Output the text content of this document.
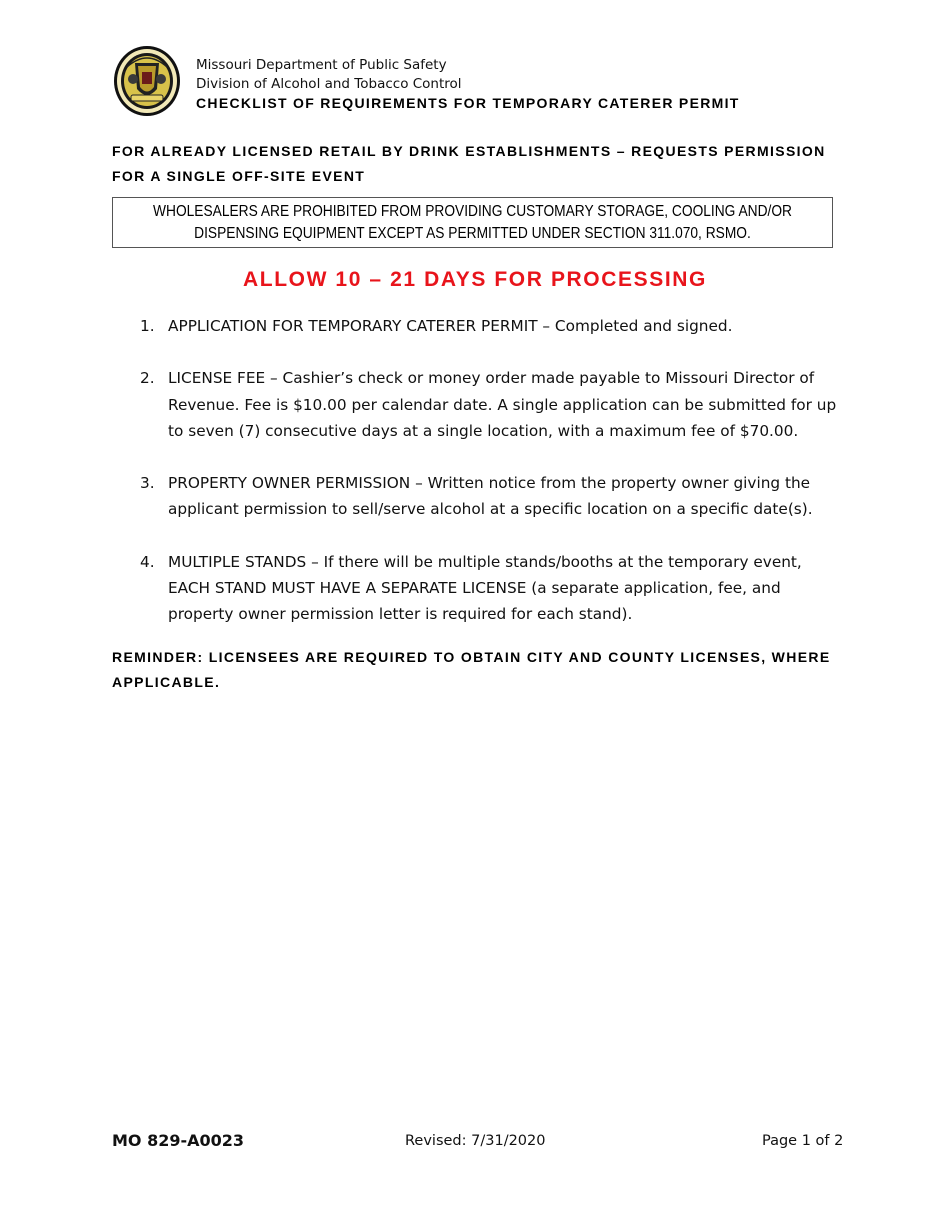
Missouri Department of Public Safety
Division of Alcohol and Tobacco Control
CHECKLIST OF REQUIREMENTS FOR TEMPORARY CATERER PERMIT
FOR ALREADY LICENSED RETAIL BY DRINK ESTABLISHMENTS – REQUESTS PERMISSION FOR A SINGLE OFF-SITE EVENT
WHOLESALERS ARE PROHIBITED FROM PROVIDING CUSTOMARY STORAGE, COOLING AND/OR DISPENSING EQUIPMENT EXCEPT AS PERMITTED UNDER SECTION 311.070, RSMO.
ALLOW 10 – 21 DAYS FOR PROCESSING
1. APPLICATION FOR TEMPORARY CATERER PERMIT – Completed and signed.
2. LICENSE FEE – Cashier’s check or money order made payable to Missouri Director of Revenue. Fee is $10.00 per calendar date. A single application can be submitted for up to seven (7) consecutive days at a single location, with a maximum fee of $70.00.
3. PROPERTY OWNER PERMISSION – Written notice from the property owner giving the applicant permission to sell/serve alcohol at a specific location on a specific date(s).
4. MULTIPLE STANDS – If there will be multiple stands/booths at the temporary event, EACH STAND MUST HAVE A SEPARATE LICENSE (a separate application, fee, and property owner permission letter is required for each stand).
REMINDER: LICENSEES ARE REQUIRED TO OBTAIN CITY AND COUNTY LICENSES, WHERE APPLICABLE.
MO 829-A0023	Revised: 7/31/2020	Page 1 of 2
